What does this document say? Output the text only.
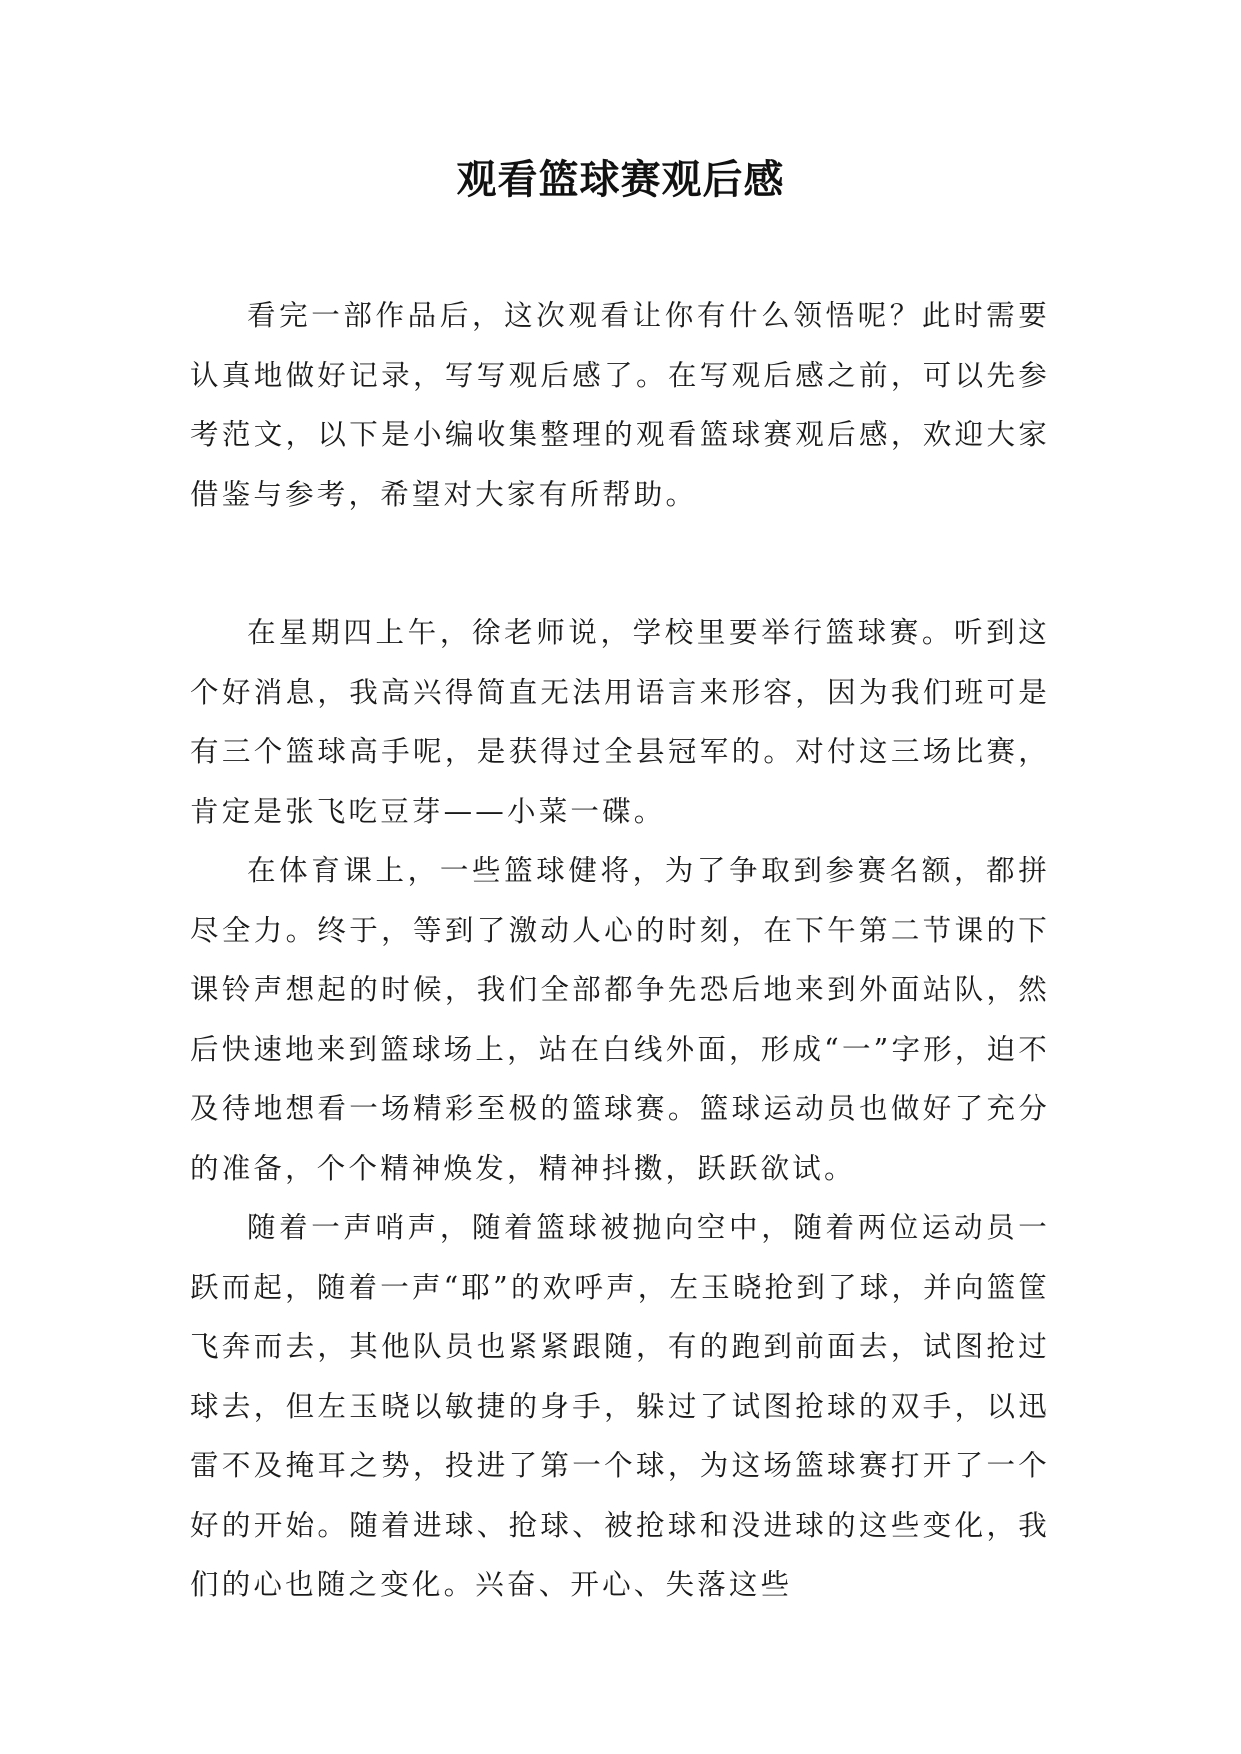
观看篮球赛观后感

看完一部作品后，这次观看让你有什么领悟呢？此时需要认真地做好记录，写写观后感了。在写观后感之前，可以先参考范文，以下是小编收集整理的观看篮球赛观后感，欢迎大家借鉴与参考，希望对大家有所帮助。

在星期四上午，徐老师说，学校里要举行篮球赛。听到这个好消息，我高兴得简直无法用语言来形容，因为我们班可是有三个篮球高手呢，是获得过全县冠军的。对付这三场比赛，肯定是张飞吃豆芽——小菜一碟。

在体育课上，一些篮球健将，为了争取到参赛名额，都拼尽全力。终于，等到了激动人心的时刻，在下午第二节课的下课铃声想起的时候，我们全部都争先恐后地来到外面站队，然后快速地来到篮球场上，站在白线外面，形成“一”字形，迫不及待地想看一场精彩至极的篮球赛。篮球运动员也做好了充分的准备，个个精神焕发，精神抖擞，跃跃欲试。

随着一声哨声，随着篮球被抛向空中，随着两位运动员一跃而起，随着一声“耶”的欢呼声，左玉晓抢到了球，并向篮筐飞奔而去，其他队员也紧紧跟随，有的跑到前面去，试图抢过球去，但左玉晓以敏捷的身手，躲过了试图抢球的双手，以迅雷不及掩耳之势，投进了第一个球，为这场篮球赛打开了一个好的开始。随着进球、抢球、被抢球和没进球的这些变化，我们的心也随之变化。兴奋、开心、失落这些
